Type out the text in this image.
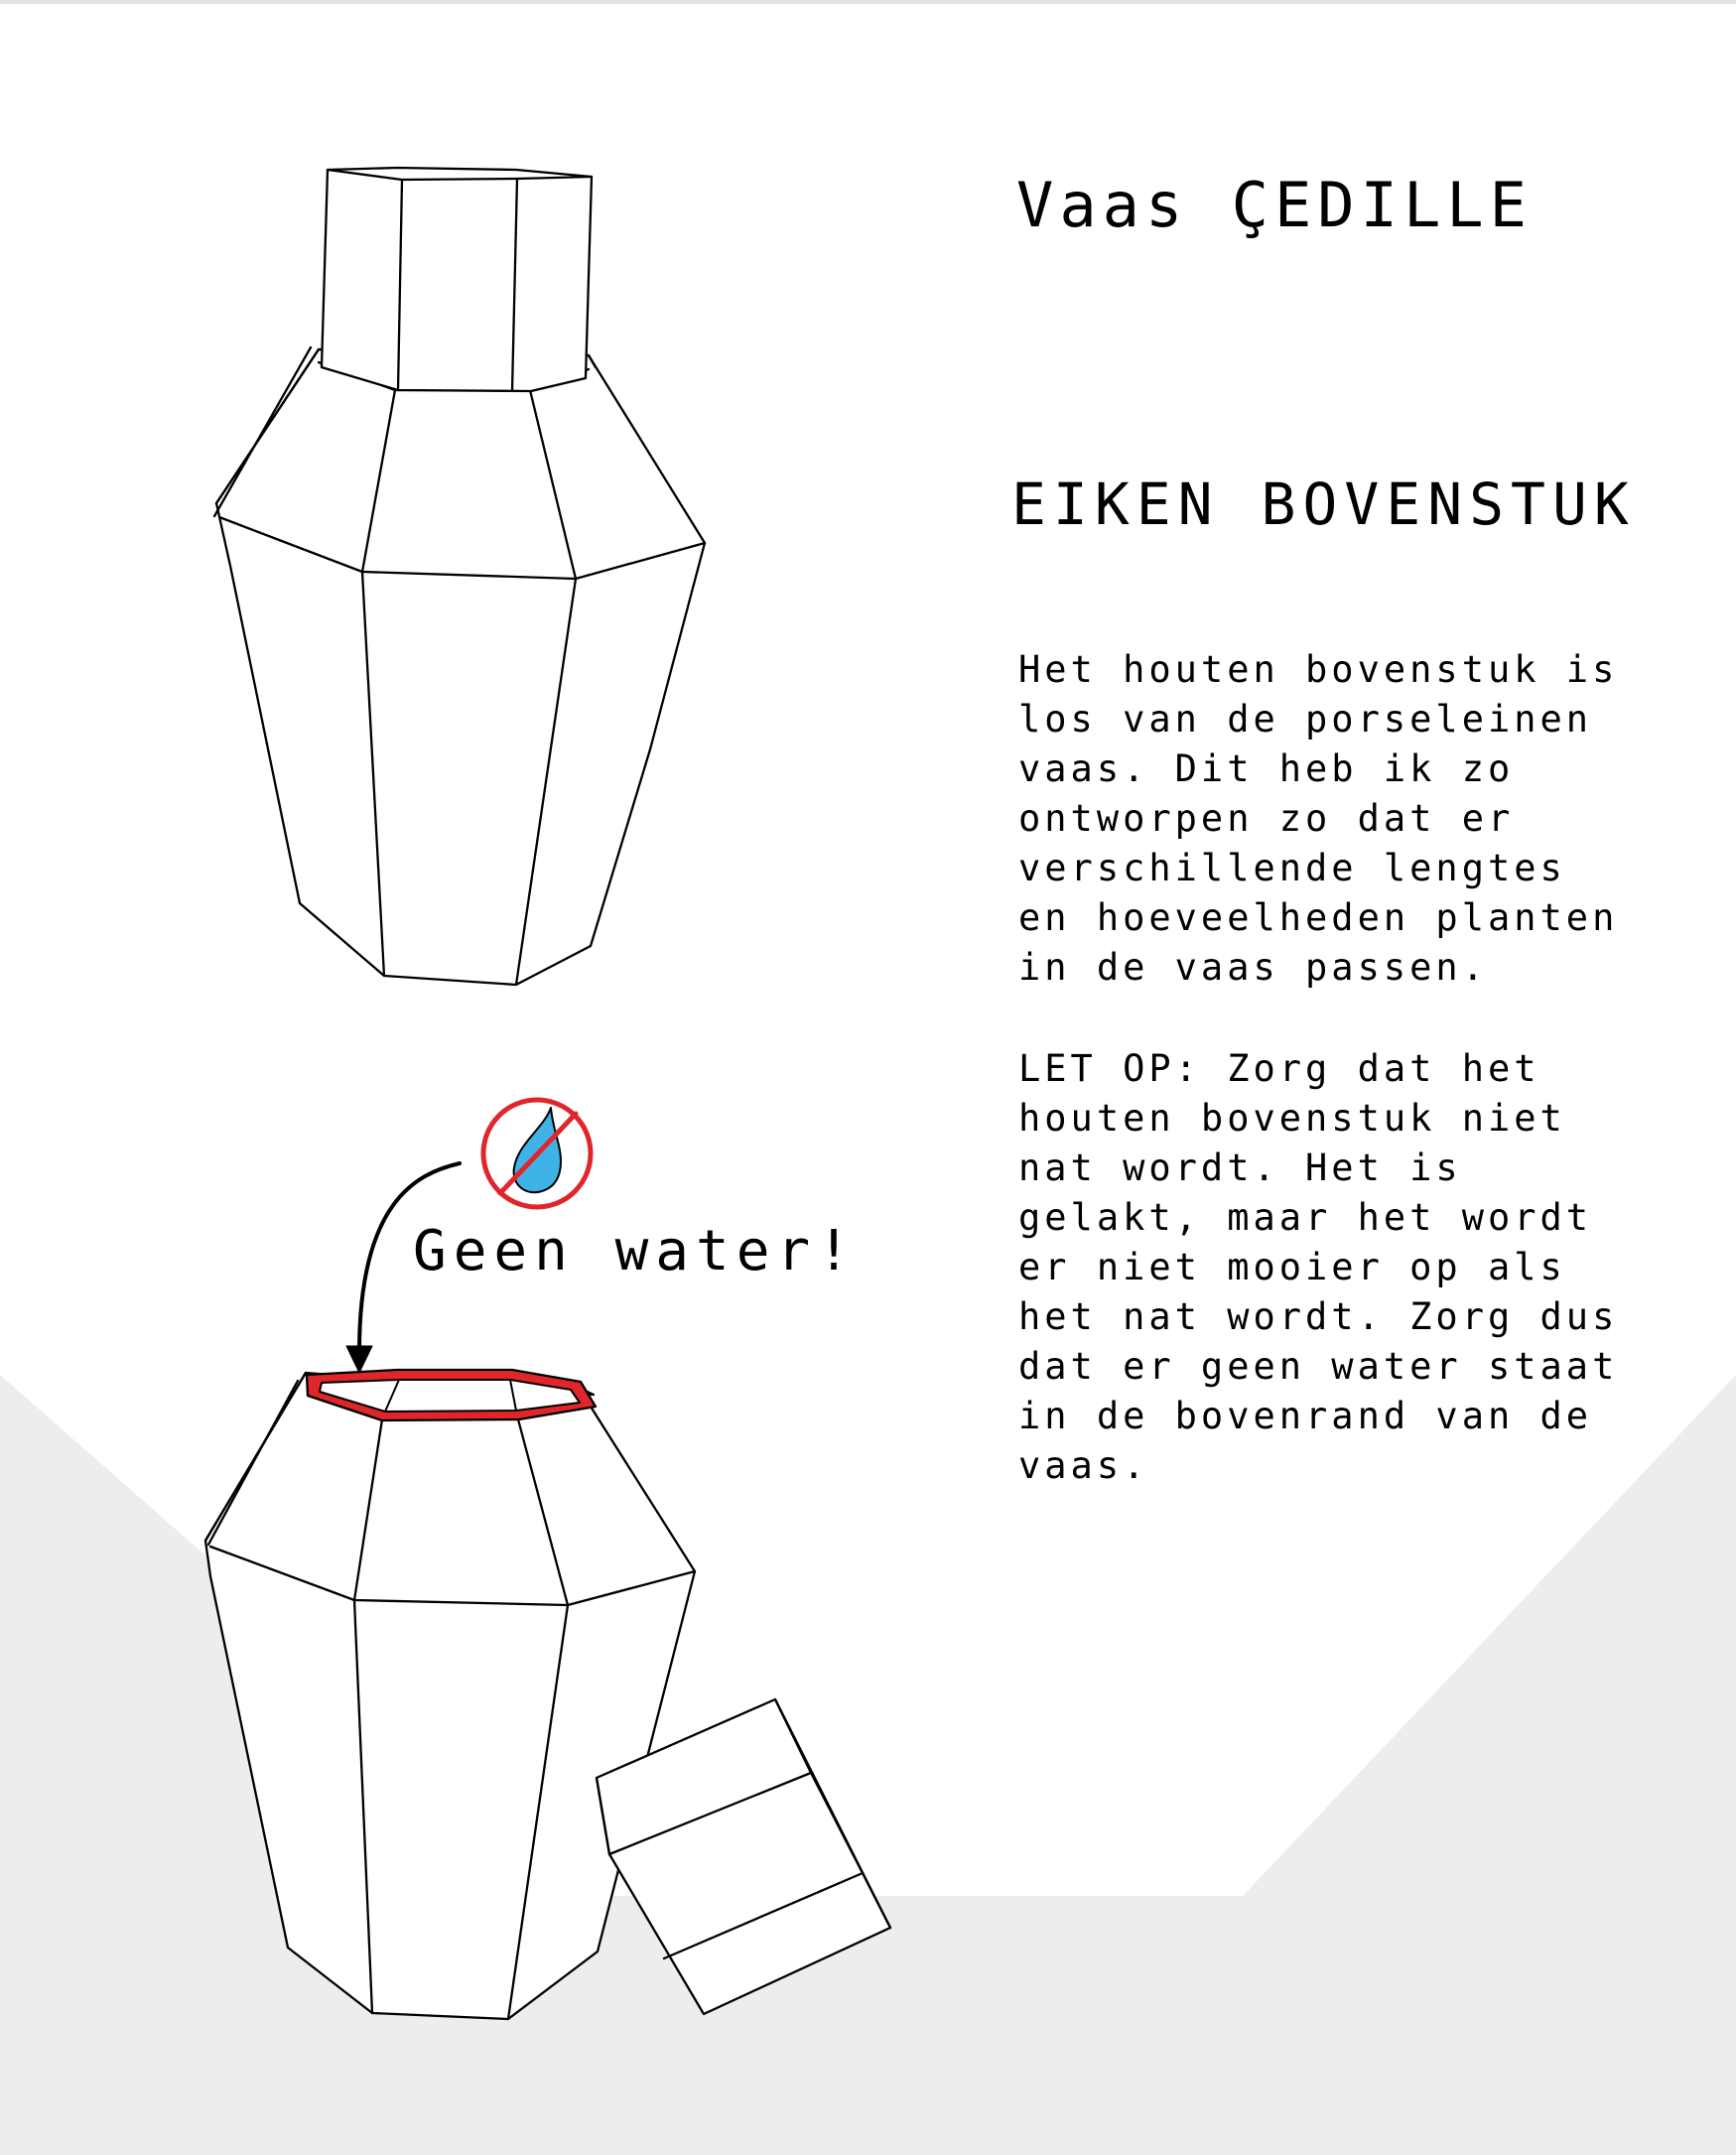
Vaas ÇEDILLE
EIKEN BOVENSTUK

Het houten bovenstuk is
los van de porseleinen
vaas. Dit heb ik zo
ontworpen zo dat er
verschillende lengtes
en hoeveelheden planten
in de vaas passen.

LET OP: Zorg dat het
houten bovenstuk niet
nat wordt. Het is
gelakt, maar het wordt
er niet mooier op als
het nat wordt. Zorg dus
dat er geen water staat
in de bovenrand van de
vaas.

Geen water!
